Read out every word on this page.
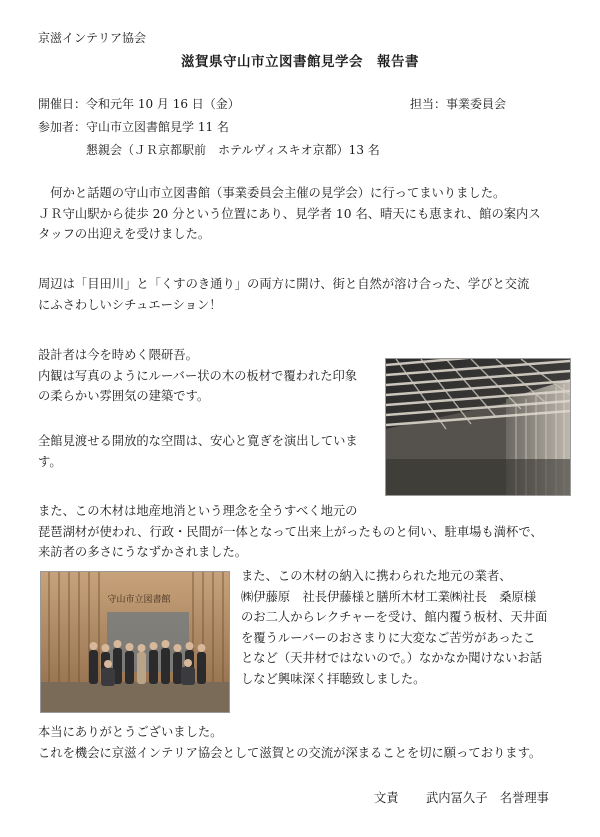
京滋インテリア協会
滋賀県守山市立図書館見学会　報告書
開催日：令和元年 10 月 16 日（金）	担当：事業委員会
参加者：守山市立図書館見学 11 名
懇親会（ＪＲ京都駅前　ホテルヴィスキオ京都）13 名
　何かと話題の守山市立図書館（事業委員会主催の見学会）に行ってまいりました。
ＪＲ守山駅から徒歩 20 分という位置にあり、見学者 10 名、晴天にも恵まれ、館の案内ス
タッフの出迎えを受けました。
周辺は「目田川」と「くすのき通り」の両方に開け、街と自然が溶け合った、学びと交流
にふさわしいシチュエーション！
設計者は今を時めく隈研吾。
内観は写真のようにルーバー状の木の板材で覆われた印象
の柔らかい雰囲気の建築です。
全館見渡せる開放的な空間は、安心と寛ぎを演出していま
す。
また、この木材は地産地消という理念を全うすべく地元の
琵琶湖材が使われ、行政・民間が一体となって出来上がったものと伺い、駐車場も満杯で、
来訪者の多さにうなずかされました。
守山市立図書館
また、この木材の納入に携わられた地元の業者、
㈱伊藤原　社長伊藤様と膳所木材工業㈱社長　桑原様
のお二人からレクチャーを受け、館内覆う板材、天井面
を覆うルーバーのおさまりに大変なご苦労があったこ
となど（天井材ではないので。）なかなか聞けないお話
しなど興味深く拝聴致しました。
本当にありがとうございました。
これを機会に京滋インテリア協会として滋賀との交流が深まることを切に願っております。
文責 武内冨久子　名誉理事
